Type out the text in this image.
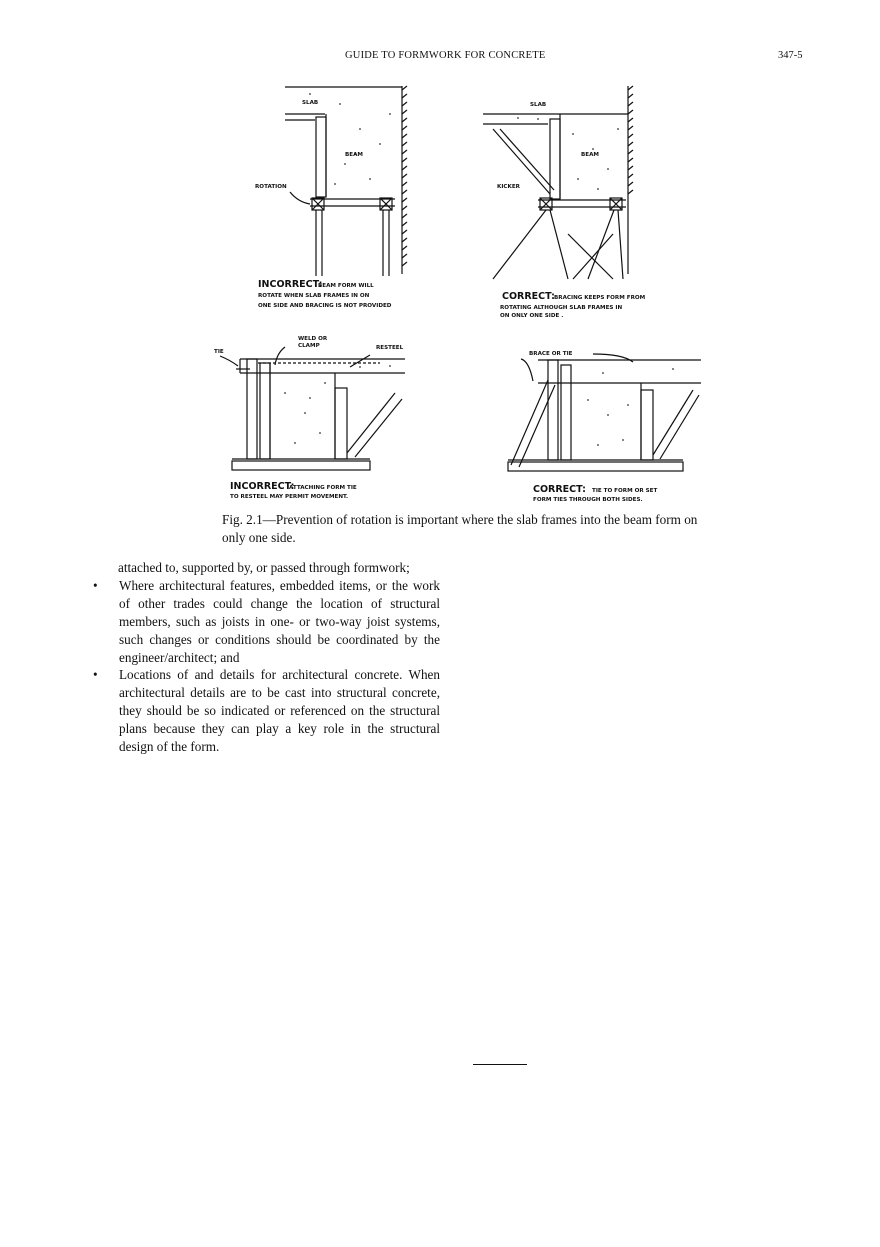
GUIDE TO FORMWORK FOR CONCRETE	347-5
SLAB
BEAM
ROTATION
INCORRECT:
BEAM FORM WILL
ROTATE WHEN SLAB FRAMES IN ON
ONE SIDE AND BRACING IS NOT PROVIDED
SLAB
BEAM
KICKER
CORRECT: BRACING KEEPS FORM FROM
ROTATING ALTHOUGH SLAB FRAMES IN
ON ONLY ONE SIDE .
TIE
WELD OR
CLAMP	RESTEEL
INCORRECT:
ATTACHING FORM TIE
TO RESTEEL MAY PERMIT MOVEMENT.
BRACE OR TIE
CORRECT: TIE TO FORM OR SET
FORM TIES THROUGH BOTH SIDES.
Fig. 2.1—Prevention of rotation is important where the slab frames into the beam form on only one side.

attached to, supported by, or passed through formwork;

• Where architectural features, embedded items, or the work of other trades could change the location of structural members, such as joists in one- or two-way joist systems, such changes or conditions should be coordinated by the engineer/architect; and

• Locations of and details for architectural concrete. When architectural details are to be cast into structural concrete, they should be so indicated or referenced on the structural plans because they can play a key role in the structural design of the form.
